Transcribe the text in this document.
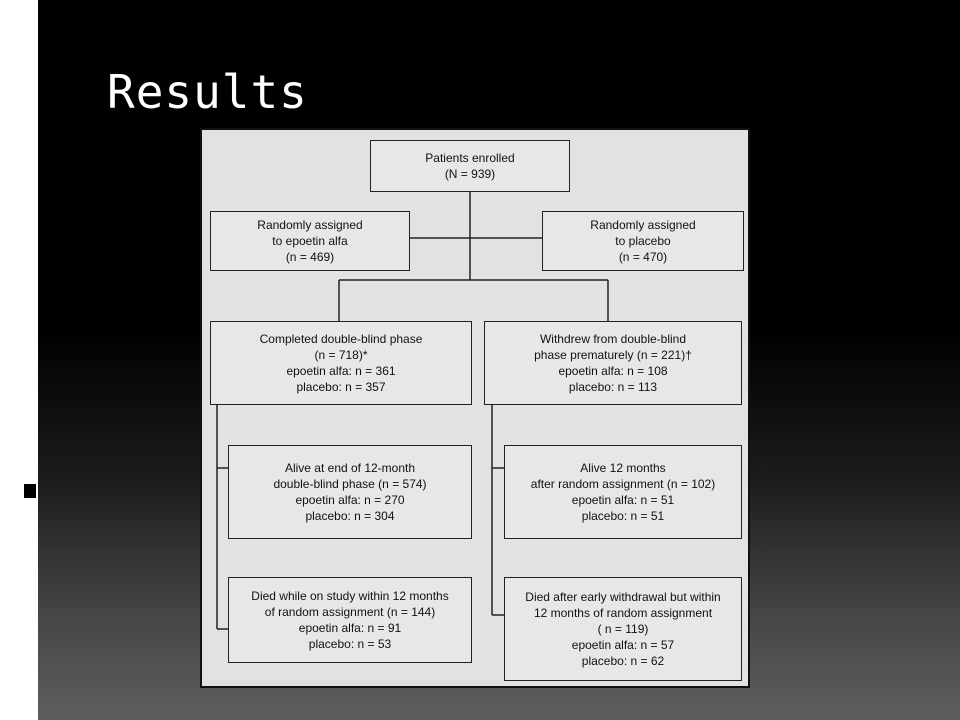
Results
Patients enrolled
(N = 939)
Randomly assigned
to epoetin alfa
(n = 469)
Randomly assigned
to placebo
(n = 470)
Completed double-blind phase
(n = 718)*
epoetin alfa: n = 361
placebo: n = 357
Withdrew from double-blind
phase prematurely (n = 221)†
epoetin alfa: n = 108
placebo: n = 113
Alive at end of 12-month
double-blind phase (n = 574)
epoetin alfa: n = 270
placebo: n = 304
Alive 12 months
after random assignment (n = 102)
epoetin alfa: n = 51
placebo: n = 51
Died while on study within 12 months
of random assignment (n = 144)
epoetin alfa: n = 91
placebo: n = 53
Died after early withdrawal but within
12 months of random assignment
( n = 119)
epoetin alfa: n = 57
placebo: n = 62
